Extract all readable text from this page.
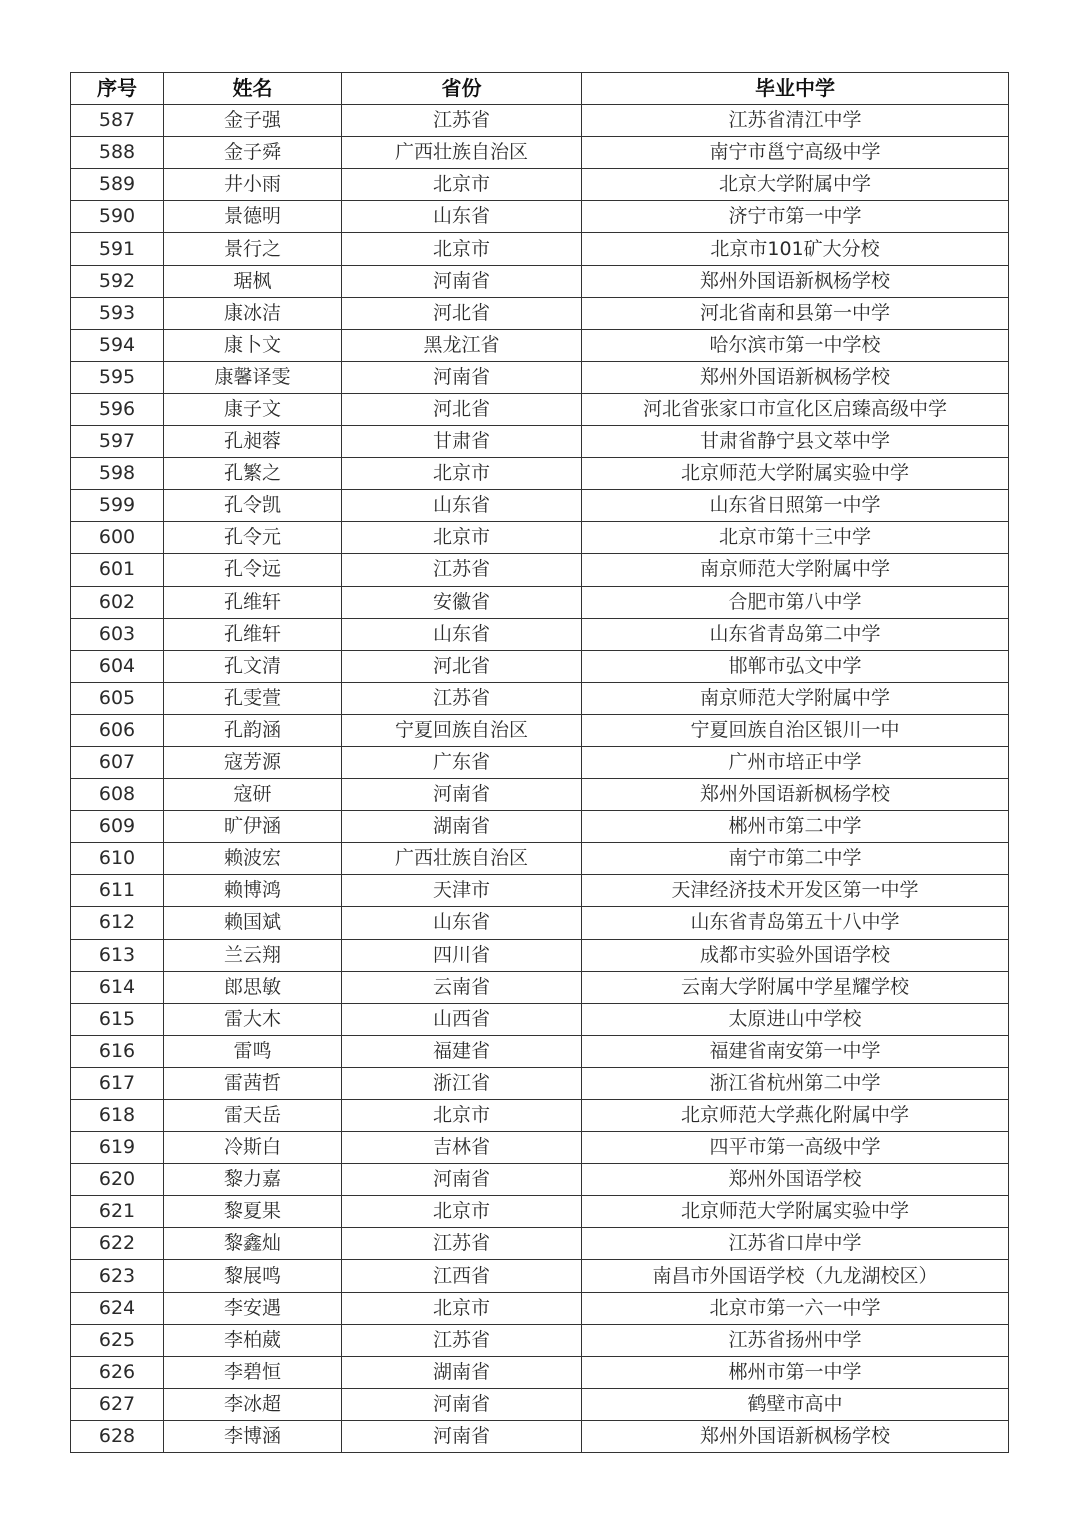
序号	姓名	省份	毕业中学
587	金子强	江苏省	江苏省清江中学
588	金子舜	广西壮族自治区	南宁市邕宁高级中学
589	井小雨	北京市	北京大学附属中学
590	景德明	山东省	济宁市第一中学
591	景行之	北京市	北京市101矿大分校
592	琚枫	河南省	郑州外国语新枫杨学校
593	康冰洁	河北省	河北省南和县第一中学
594	康卜文	黑龙江省	哈尔滨市第一中学校
595	康馨译雯	河南省	郑州外国语新枫杨学校
596	康子文	河北省	河北省张家口市宣化区启臻高级中学
597	孔昶蓉	甘肃省	甘肃省静宁县文萃中学
598	孔繁之	北京市	北京师范大学附属实验中学
599	孔令凯	山东省	山东省日照第一中学
600	孔令元	北京市	北京市第十三中学
601	孔令远	江苏省	南京师范大学附属中学
602	孔维轩	安徽省	合肥市第八中学
603	孔维轩	山东省	山东省青岛第二中学
604	孔文清	河北省	邯郸市弘文中学
605	孔雯萱	江苏省	南京师范大学附属中学
606	孔韵涵	宁夏回族自治区	宁夏回族自治区银川一中
607	寇芳源	广东省	广州市培正中学
608	寇研	河南省	郑州外国语新枫杨学校
609	旷伊涵	湖南省	郴州市第二中学
610	赖波宏	广西壮族自治区	南宁市第二中学
611	赖博鸿	天津市	天津经济技术开发区第一中学
612	赖国斌	山东省	山东省青岛第五十八中学
613	兰云翔	四川省	成都市实验外国语学校
614	郎思敏	云南省	云南大学附属中学星耀学校
615	雷大木	山西省	太原进山中学校
616	雷鸣	福建省	福建省南安第一中学
617	雷茜哲	浙江省	浙江省杭州第二中学
618	雷天岳	北京市	北京师范大学燕化附属中学
619	冷斯白	吉林省	四平市第一高级中学
620	黎力嘉	河南省	郑州外国语学校
621	黎夏果	北京市	北京师范大学附属实验中学
622	黎鑫灿	江苏省	江苏省口岸中学
623	黎展鸣	江西省	南昌市外国语学校（九龙湖校区）
624	李安遇	北京市	北京市第一六一中学
625	李柏葳	江苏省	江苏省扬州中学
626	李碧恒	湖南省	郴州市第一中学
627	李冰超	河南省	鹤壁市高中
628	李博涵	河南省	郑州外国语新枫杨学校
